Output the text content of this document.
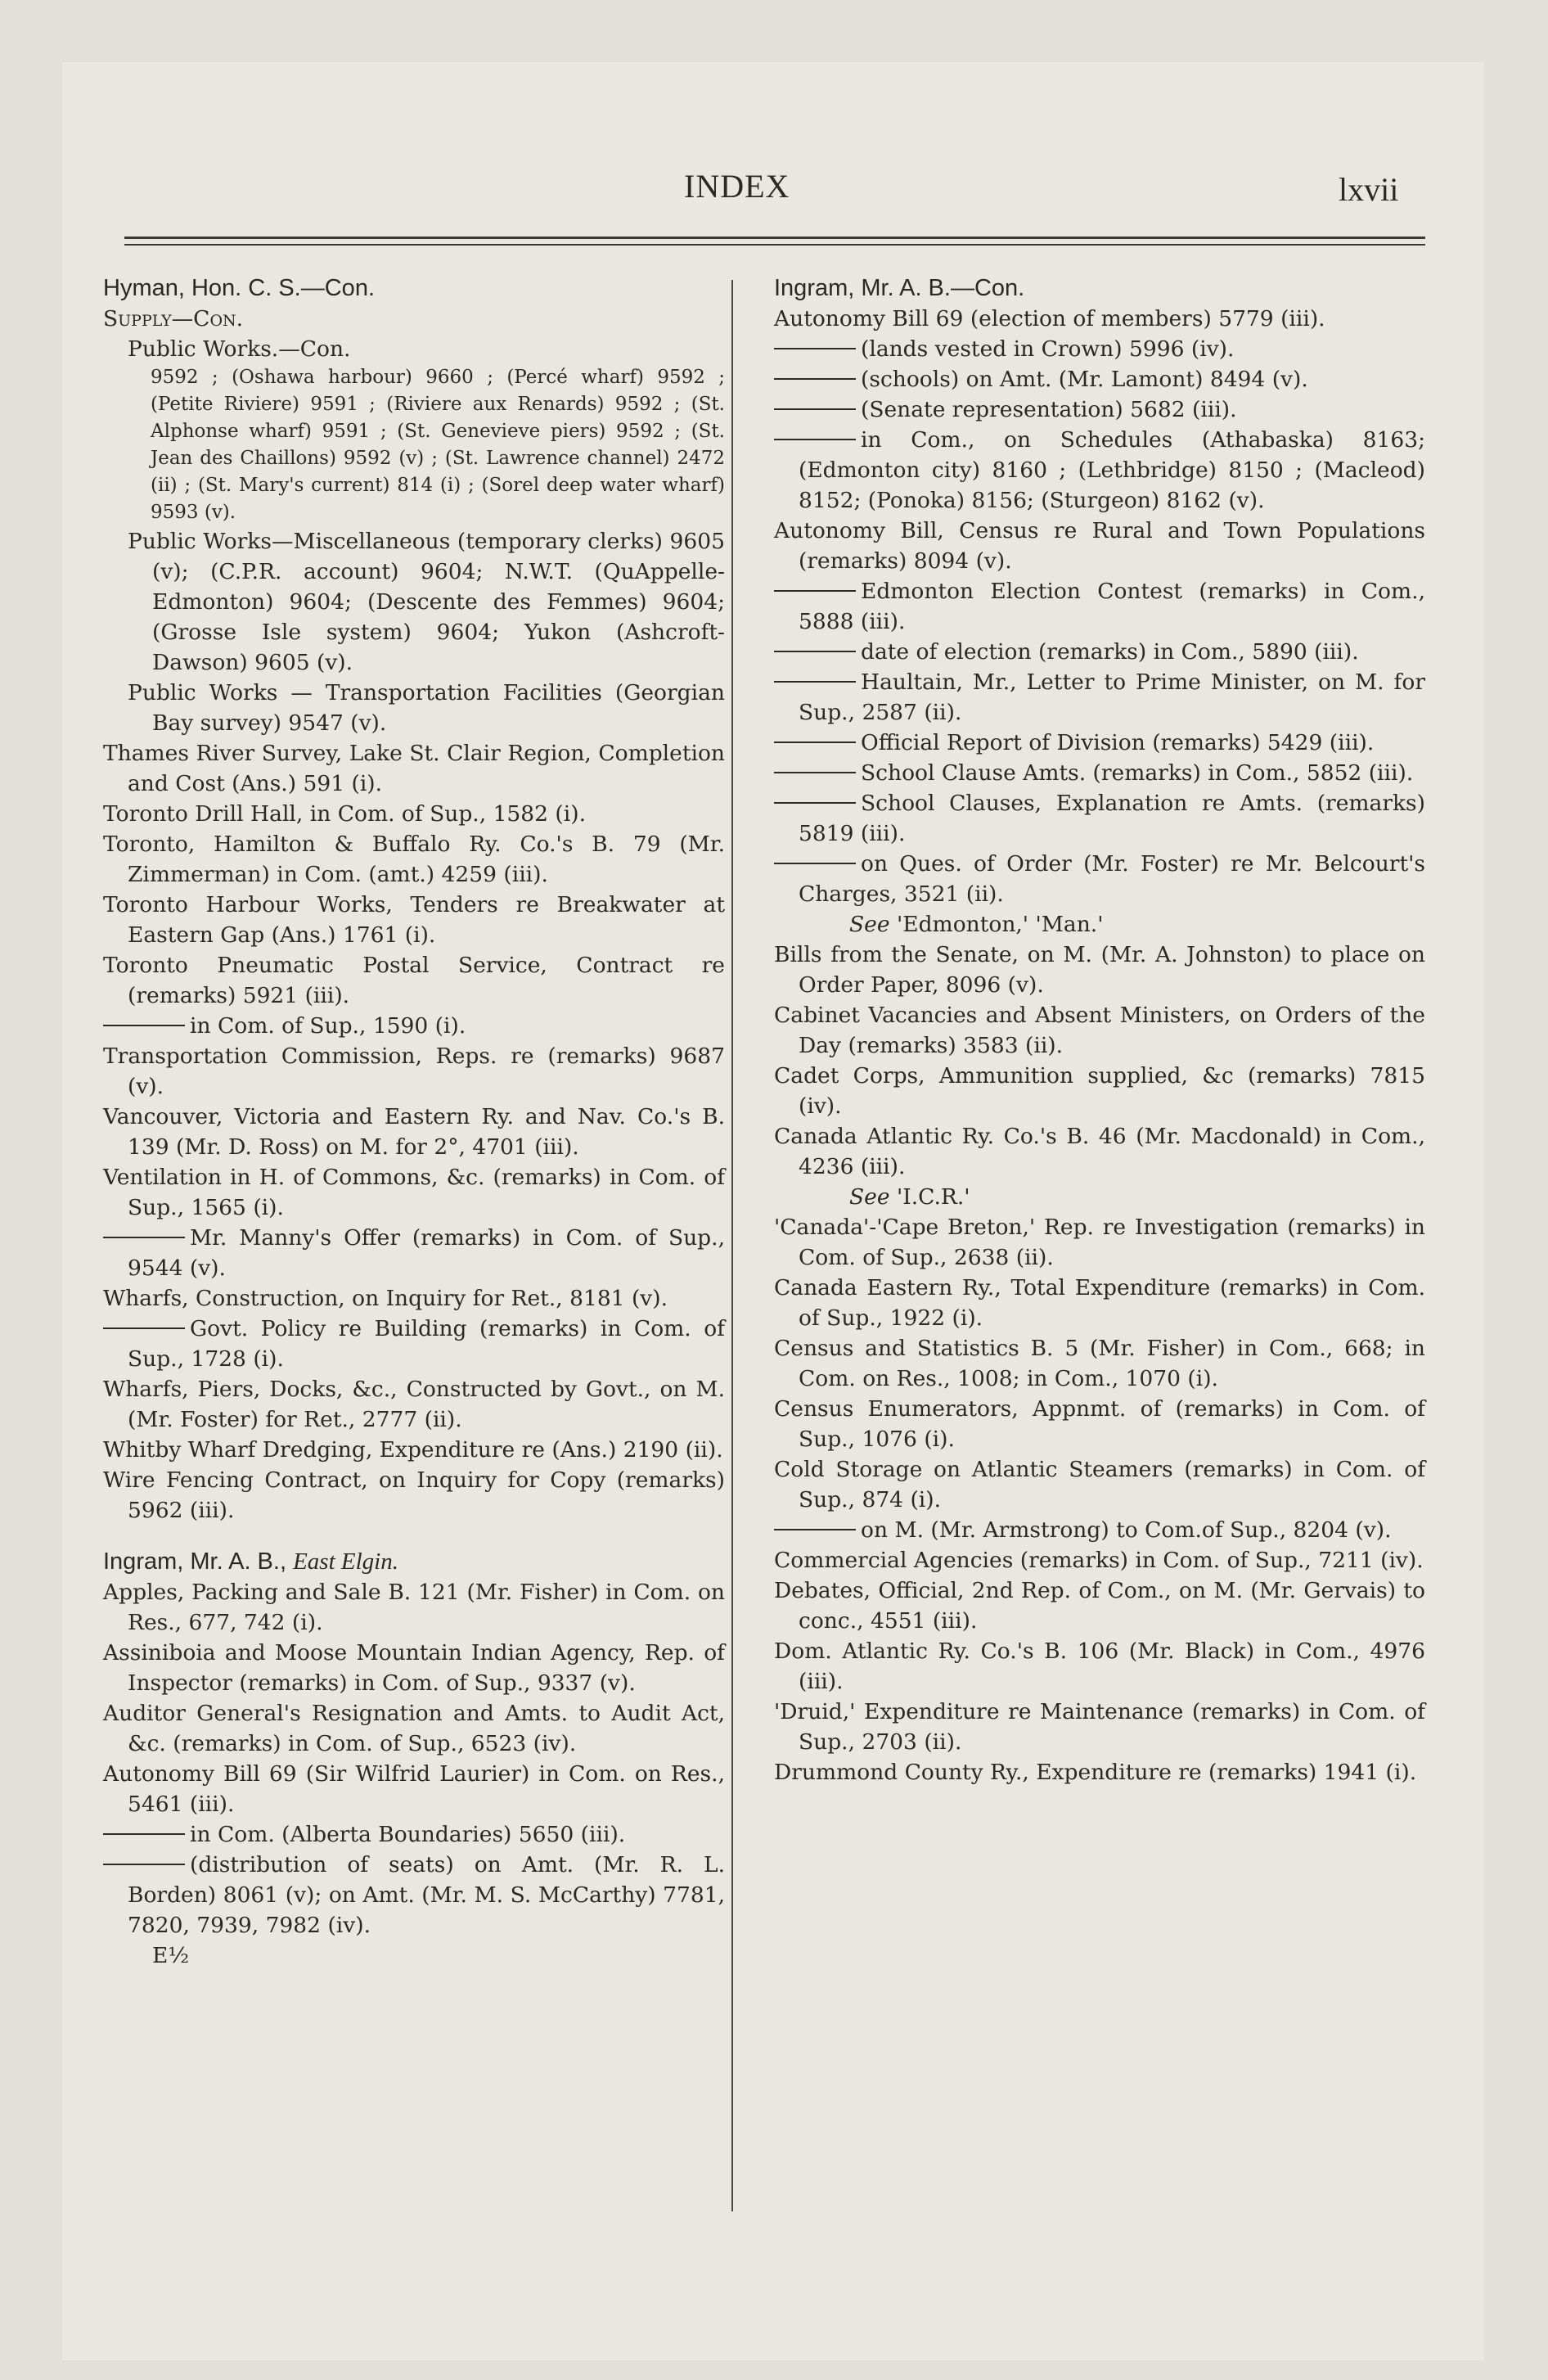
INDEX	lxvii
Hyman, Hon. C. S.—Con.

Supply—Con.

Public Works.—Con.

9592 ; (Oshawa harbour) 9660 ; (Percé wharf) 9592 ; (Petite Riviere) 9591 ; (Riviere aux Renards) 9592 ; (St. Alphonse wharf) 9591 ; (St. Genevieve piers) 9592 ; (St. Jean des Chaillons) 9592 (v) ; (St. Lawrence channel) 2472 (ii) ; (St. Mary's current) 814 (i) ; (Sorel deep water wharf) 9593 (v).

Public Works—Miscellaneous (temporary clerks) 9605 (v); (C.P.R. account) 9604; N.W.T. (QuAppelle-Edmonton) 9604; (Descente des Femmes) 9604; (Grosse Isle system) 9604; Yukon (Ashcroft-Dawson) 9605 (v).

Public Works — Transportation Facilities (Georgian Bay survey) 9547 (v).

Thames River Survey, Lake St. Clair Region, Completion and Cost (Ans.) 591 (i).

Toronto Drill Hall, in Com. of Sup., 1582 (i).

Toronto, Hamilton & Buffalo Ry. Co.'s B. 79 (Mr. Zimmerman) in Com. (amt.) 4259 (iii).

Toronto Harbour Works, Tenders re Breakwater at Eastern Gap (Ans.) 1761 (i).

Toronto Pneumatic Postal Service, Contract re (remarks) 5921 (iii).

in Com. of Sup., 1590 (i).

Transportation Commission, Reps. re (remarks) 9687 (v).

Vancouver, Victoria and Eastern Ry. and Nav. Co.'s B. 139 (Mr. D. Ross) on M. for 2°, 4701 (iii).

Ventilation in H. of Commons, &c. (remarks) in Com. of Sup., 1565 (i).

Mr. Manny's Offer (remarks) in Com. of Sup., 9544 (v).

Wharfs, Construction, on Inquiry for Ret., 8181 (v).

Govt. Policy re Building (remarks) in Com. of Sup., 1728 (i).

Wharfs, Piers, Docks, &c., Constructed by Govt., on M. (Mr. Foster) for Ret., 2777 (ii).

Whitby Wharf Dredging, Expenditure re (Ans.) 2190 (ii).

Wire Fencing Contract, on Inquiry for Copy (remarks) 5962 (iii).

Ingram, Mr. A. B., East Elgin.

Apples, Packing and Sale B. 121 (Mr. Fisher) in Com. on Res., 677, 742 (i).

Assiniboia and Moose Mountain Indian Agency, Rep. of Inspector (remarks) in Com. of Sup., 9337 (v).

Auditor General's Resignation and Amts. to Audit Act, &c. (remarks) in Com. of Sup., 6523 (iv).

Autonomy Bill 69 (Sir Wilfrid Laurier) in Com. on Res., 5461 (iii).

in Com. (Alberta Boundaries) 5650 (iii).

(distribution of seats) on Amt. (Mr. R. L. Borden) 8061 (v); on Amt. (Mr. M. S. McCarthy) 7781, 7820, 7939, 7982 (iv).

E½
Ingram, Mr. A. B.—Con.

Autonomy Bill 69 (election of members) 5779 (iii).

(lands vested in Crown) 5996 (iv).

(schools) on Amt. (Mr. Lamont) 8494 (v).

(Senate representation) 5682 (iii).

in Com., on Schedules (Athabaska) 8163; (Edmonton city) 8160 ; (Lethbridge) 8150 ; (Macleod) 8152; (Ponoka) 8156; (Sturgeon) 8162 (v).

Autonomy Bill, Census re Rural and Town Populations (remarks) 8094 (v).

Edmonton Election Contest (remarks) in Com., 5888 (iii).

date of election (remarks) in Com., 5890 (iii).

Haultain, Mr., Letter to Prime Minister, on M. for Sup., 2587 (ii).

Official Report of Division (remarks) 5429 (iii).

School Clause Amts. (remarks) in Com., 5852 (iii).

School Clauses, Explanation re Amts. (remarks) 5819 (iii).

on Ques. of Order (Mr. Foster) re Mr. Belcourt's Charges, 3521 (ii).

See 'Edmonton,' 'Man.'

Bills from the Senate, on M. (Mr. A. Johnston) to place on Order Paper, 8096 (v).

Cabinet Vacancies and Absent Ministers, on Orders of the Day (remarks) 3583 (ii).

Cadet Corps, Ammunition supplied, &c (remarks) 7815 (iv).

Canada Atlantic Ry. Co.'s B. 46 (Mr. Macdonald) in Com., 4236 (iii).

See 'I.C.R.'

'Canada'-'Cape Breton,' Rep. re Investigation (remarks) in Com. of Sup., 2638 (ii).

Canada Eastern Ry., Total Expenditure (remarks) in Com. of Sup., 1922 (i).

Census and Statistics B. 5 (Mr. Fisher) in Com., 668; in Com. on Res., 1008; in Com., 1070 (i).

Census Enumerators, Appnmt. of (remarks) in Com. of Sup., 1076 (i).

Cold Storage on Atlantic Steamers (remarks) in Com. of Sup., 874 (i).

on M. (Mr. Armstrong) to Com.of Sup., 8204 (v).

Commercial Agencies (remarks) in Com. of Sup., 7211 (iv).

Debates, Official, 2nd Rep. of Com., on M. (Mr. Gervais) to conc., 4551 (iii).

Dom. Atlantic Ry. Co.'s B. 106 (Mr. Black) in Com., 4976 (iii).

'Druid,' Expenditure re Maintenance (remarks) in Com. of Sup., 2703 (ii).

Drummond County Ry., Expenditure re (remarks) 1941 (i).
